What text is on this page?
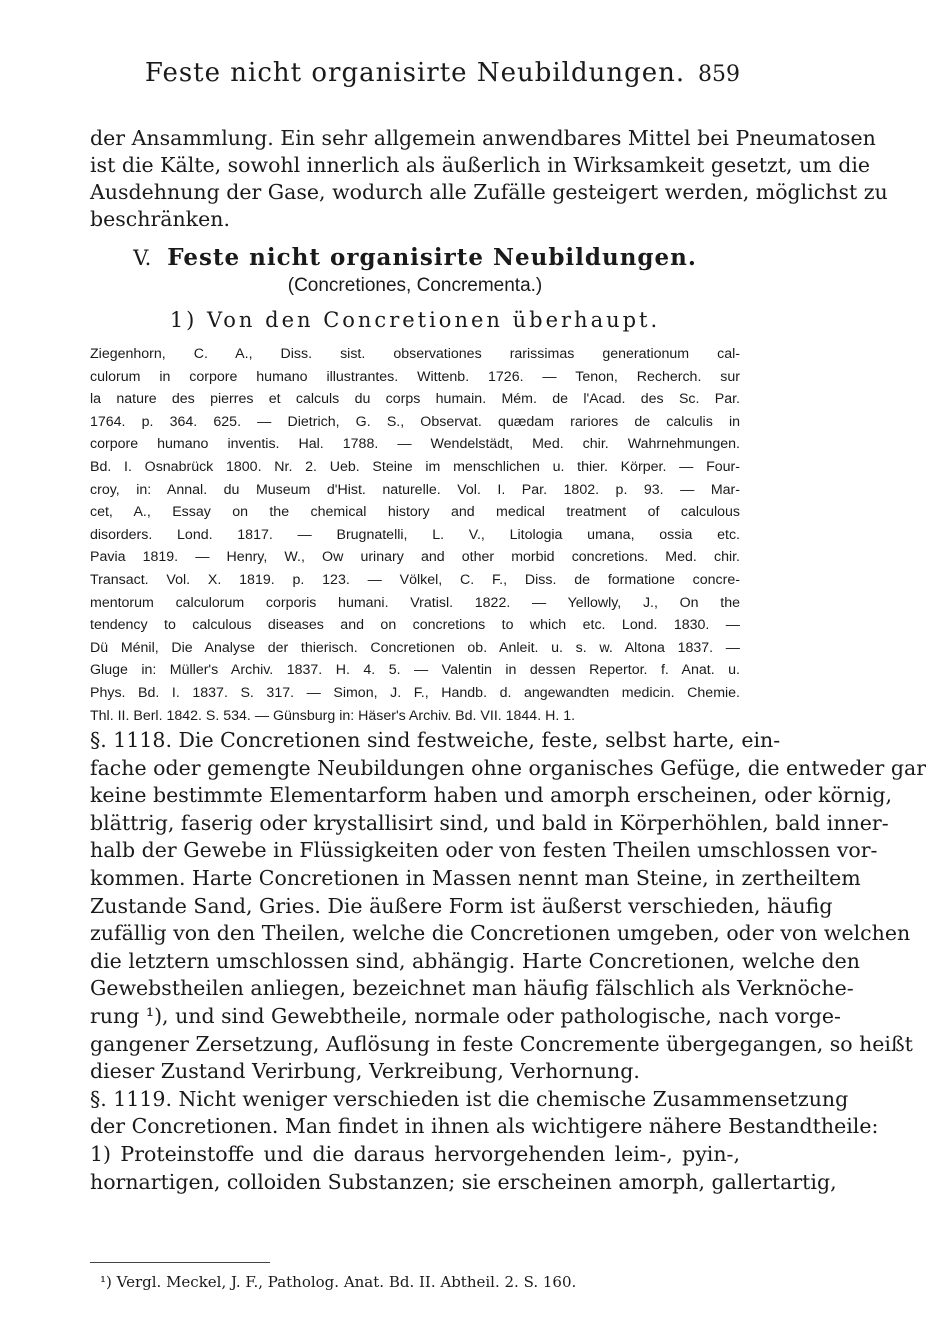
Feste nicht organisirte Neubildungen. 859
der Ansammlung. Ein sehr allgemein anwendbares Mittel bei Pneumatosen
ist die Kälte, sowohl innerlich als äußerlich in Wirksamkeit gesetzt, um die
Ausdehnung der Gase, wodurch alle Zufälle gesteigert werden, möglichst zu
beschränken.
V. Feste nicht organisirte Neubildungen.
(Concretiones, Concrementa.)
1) Von den Concretionen überhaupt.
Ziegenhorn, C. A., Diss. sist. observationes rarissimas generationum cal-
culorum in corpore humano illustrantes. Wittenb. 1726. — Tenon, Recherch. sur
la nature des pierres et calculs du corps humain. Mém. de l'Acad. des Sc. Par.
1764. p. 364. 625. — Dietrich, G. S., Observat. quædam rariores de calculis in
corpore humano inventis. Hal. 1788. — Wendelstädt, Med. chir. Wahrnehmungen.
Bd. I. Osnabrück 1800. Nr. 2. Ueb. Steine im menschlichen u. thier. Körper. — Four-
croy, in: Annal. du Museum d'Hist. naturelle. Vol. I. Par. 1802. p. 93. — Mar-
cet, A., Essay on the chemical history and medical treatment of calculous
disorders. Lond. 1817. — Brugnatelli, L. V., Litologia umana, ossia etc.
Pavia 1819. — Henry, W., Ow urinary and other morbid concretions. Med. chir.
Transact. Vol. X. 1819. p. 123. — Völkel, C. F., Diss. de formatione concre-
mentorum calculorum corporis humani. Vratisl. 1822. — Yellowly, J., On the
tendency to calculous diseases and on concretions to which etc. Lond. 1830. —
Dü Ménil, Die Analyse der thierisch. Concretionen ob. Anleit. u. s. w. Altona 1837. —
Gluge in: Müller's Archiv. 1837. H. 4. 5. — Valentin in dessen Repertor. f. Anat. u.
Phys. Bd. I. 1837. S. 317. — Simon, J. F., Handb. d. angewandten medicin. Chemie.
Thl. II. Berl. 1842. S. 534. — Günsburg in: Häser's Archiv. Bd. VII. 1844. H. 1.
§. 1118. Die Concretionen sind festweiche, feste, selbst harte, ein-
fache oder gemengte Neubildungen ohne organisches Gefüge, die entweder gar
keine bestimmte Elementarform haben und amorph erscheinen, oder körnig,
blättrig, faserig oder krystallisirt sind, und bald in Körperhöhlen, bald inner-
halb der Gewebe in Flüssigkeiten oder von festen Theilen umschlossen vor-
kommen. Harte Concretionen in Massen nennt man Steine, in zertheiltem
Zustande Sand, Gries. Die äußere Form ist äußerst verschieden, häufig
zufällig von den Theilen, welche die Concretionen umgeben, oder von welchen
die letztern umschlossen sind, abhängig. Harte Concretionen, welche den
Gewebstheilen anliegen, bezeichnet man häufig fälschlich als Verknöche-
rung ¹), und sind Gewebtheile, normale oder pathologische, nach vorge-
gangener Zersetzung, Auflösung in feste Concremente übergegangen, so heißt
dieser Zustand Verirbung, Verkreibung, Verhornung.
§. 1119. Nicht weniger verschieden ist die chemische Zusammensetzung
der Concretionen. Man findet in ihnen als wichtigere nähere Bestandtheile:
1) Proteinstoffe und die daraus hervorgehenden leim-, pyin-,
hornartigen, colloiden Substanzen; sie erscheinen amorph, gallertartig,
¹) Vergl. Meckel, J. F., Patholog. Anat. Bd. II. Abtheil. 2. S. 160.
